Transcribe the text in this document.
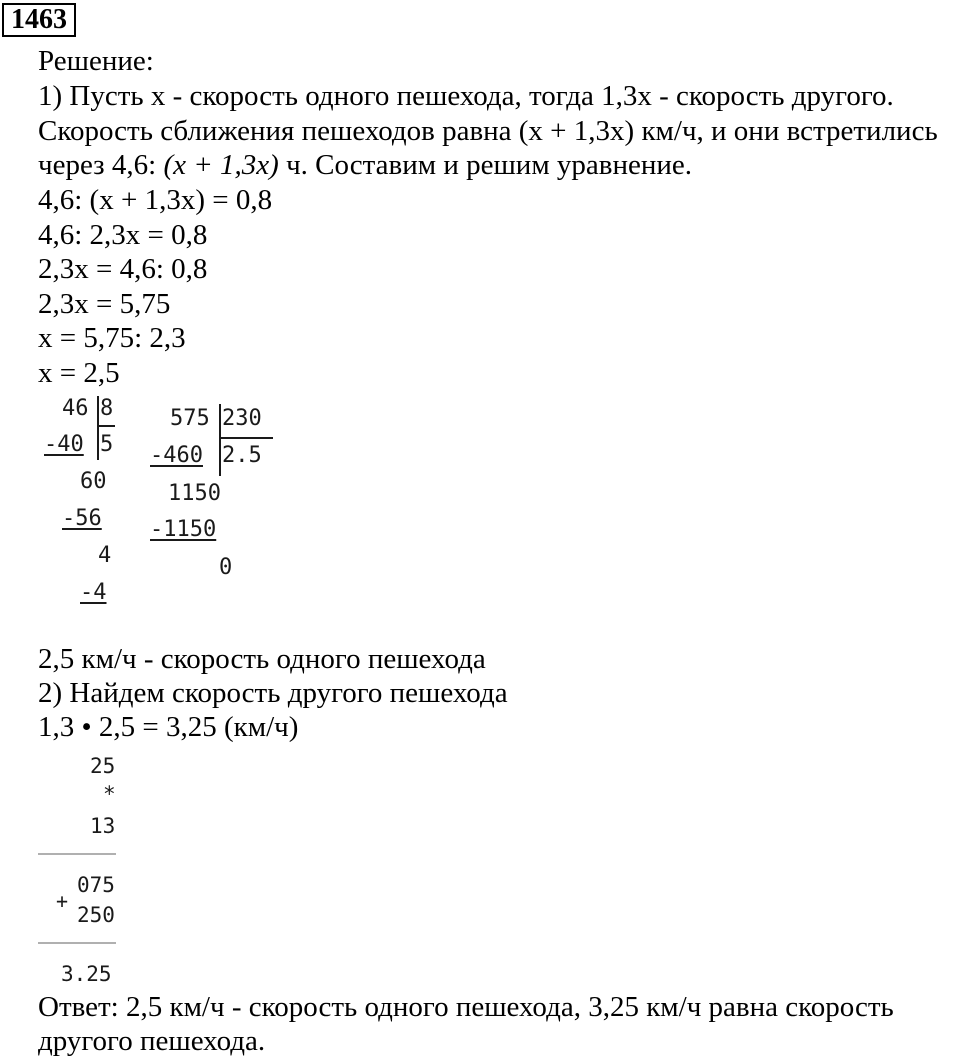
1463
Решение:
1) Пусть х - скорость одного пешехода, тогда 1,3х - скорость другого.
Скорость сближения пешеходов равна (х + 1,3х) км/ч, и они встретились
через 4,6: (x + 1,3x) ч. Составим и решим уравнение.
4,6: (x + 1,3x) = 0,8
4,6: 2,3x = 0,8
2,3x = 4,6: 0,8
2,3x = 5,75
x = 5,75: 2,3
x = 2,5
46 8
-40 5
60
-56
4
-4
575 230
-460 2.5
1150
-1150
0
2,5 км/ч - скорость одного пешехода
2) Найдем скорость другого пешехода
1,3 • 2,5 = 3,25 (км/ч)
25
*
13
075
+
250
3.25
Ответ: 2,5 км/ч - скорость одного пешехода, 3,25 км/ч равна скорость
другого пешехода.
